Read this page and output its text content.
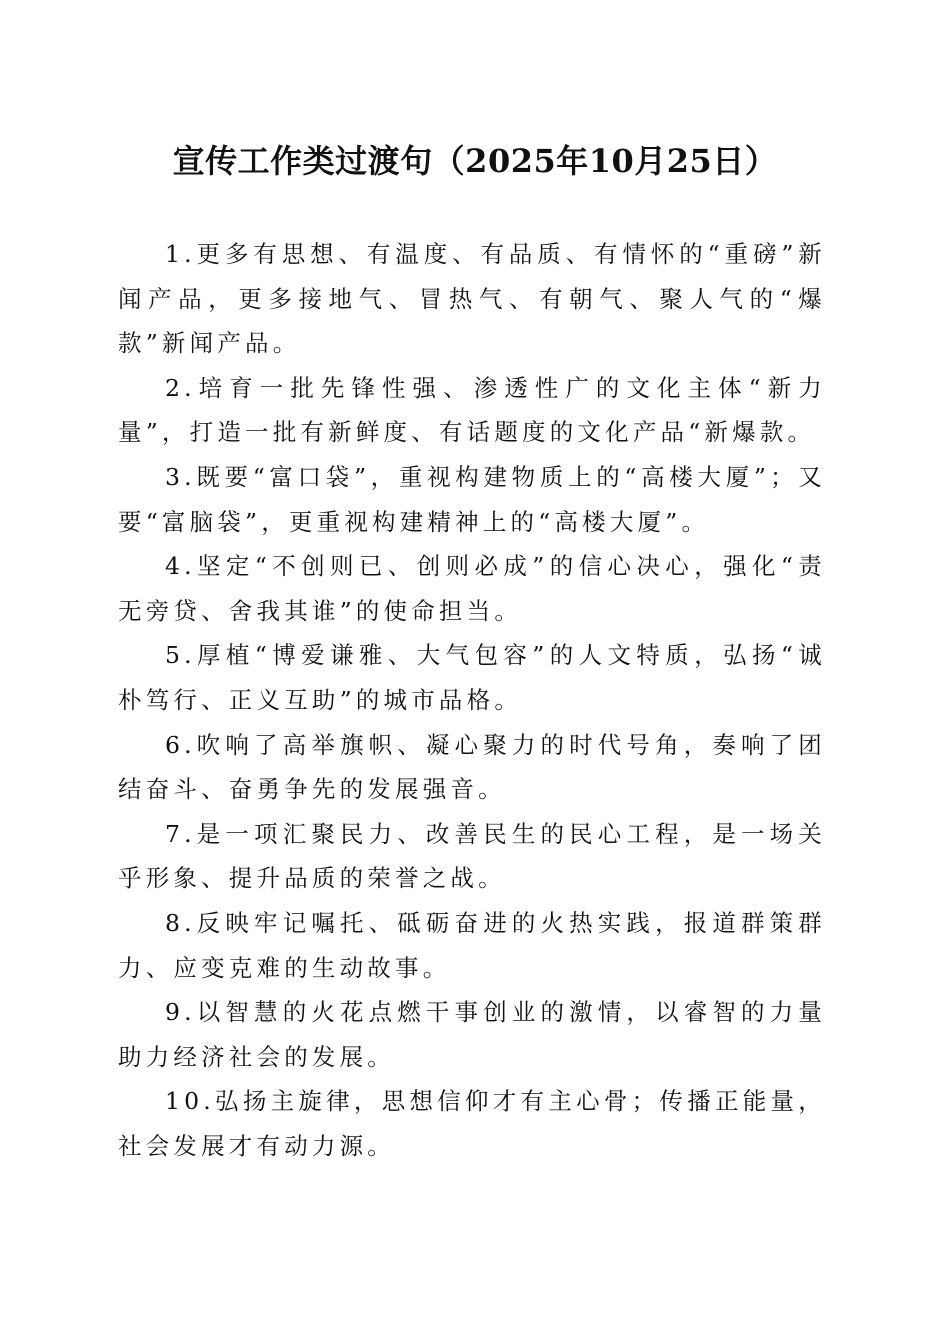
宣传工作类过渡句（2025年10月25日）

1.更多有思想、有温度、有品质、有情怀的“重磅”新闻产品，更多接地气、冒热气、有朝气、聚人气的“爆款”新闻产品。

2.培育一批先锋性强、渗透性广的文化主体“新力量”，打造一批有新鲜度、有话题度的文化产品“新爆款。

3.既要“富口袋”，重视构建物质上的“高楼大厦”；又要“富脑袋”，更重视构建精神上的“高楼大厦”。

4.坚定“不创则已、创则必成”的信心决心，强化“责无旁贷、舍我其谁”的使命担当。

5.厚植“博爱谦雅、大气包容”的人文特质，弘扬“诚朴笃行、正义互助”的城市品格。

6.吹响了高举旗帜、凝心聚力的时代号角，奏响了团结奋斗、奋勇争先的发展强音。

7.是一项汇聚民力、改善民生的民心工程，是一场关乎形象、提升品质的荣誉之战。

8.反映牢记嘱托、砥砺奋进的火热实践，报道群策群力、应变克难的生动故事。

9.以智慧的火花点燃干事创业的激情，以睿智的力量助力经济社会的发展。

10.弘扬主旋律，思想信仰才有主心骨；传播正能量，社会发展才有动力源。
